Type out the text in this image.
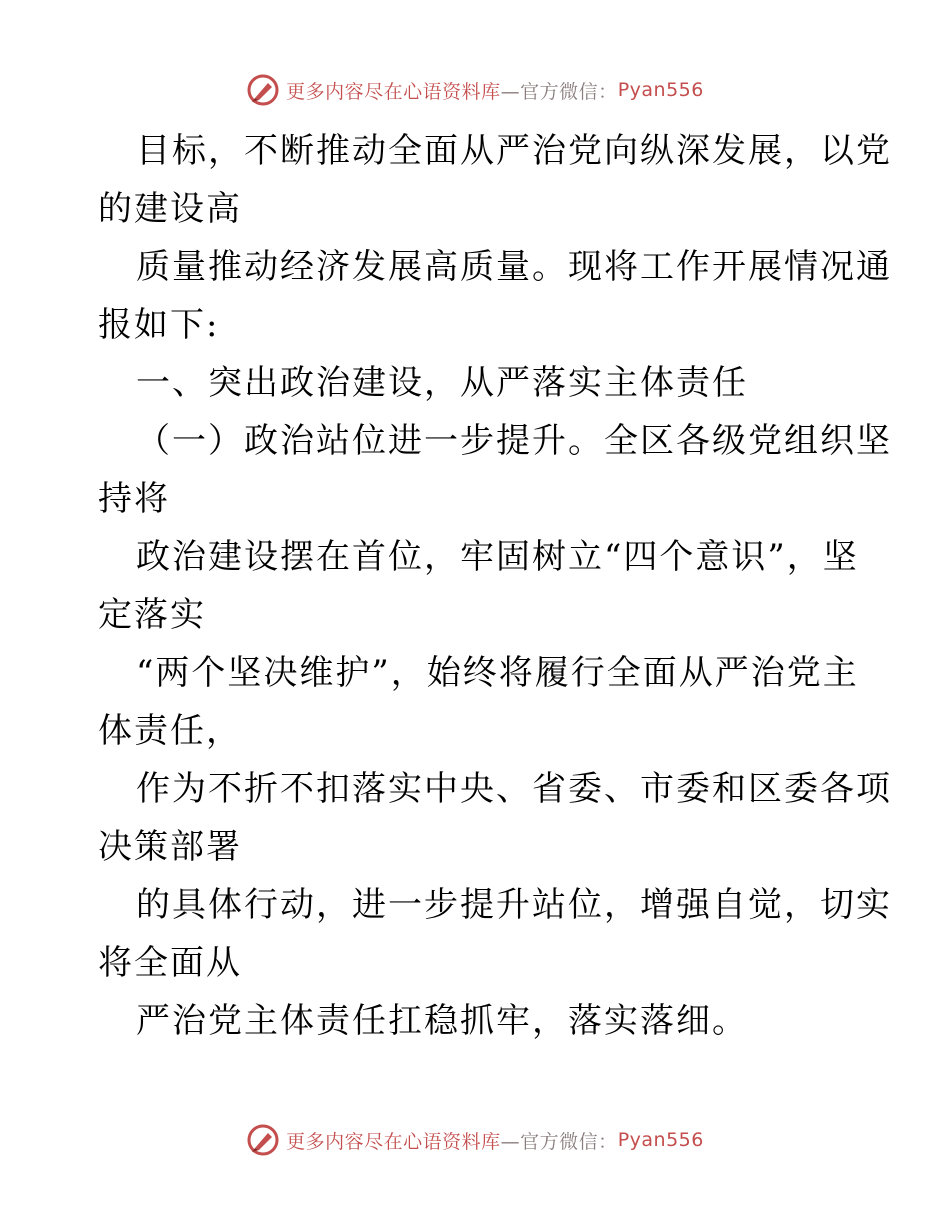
更多内容尽在心语资料库 —官方微信： Pyan556
目标，不断推动全面从严治党向纵深发展，以党
的建设高
质量推动经济发展高质量。现将工作开展情况通
报如下:
一、突出政治建设，从严落实主体责任
（一）政治站位进一步提升。全区各级党组织坚
持将
政治建设摆在首位，牢固树立“四个意识”，坚
定落实
“两个坚决维护”，始终将履行全面从严治党主
体责任，
作为不折不扣落实中央、省委、市委和区委各项
决策部署
的具体行动，进一步提升站位，增强自觉，切实
将全面从
严治党主体责任扛稳抓牢，落实落细。
更多内容尽在心语资料库 —官方微信： Pyan556
